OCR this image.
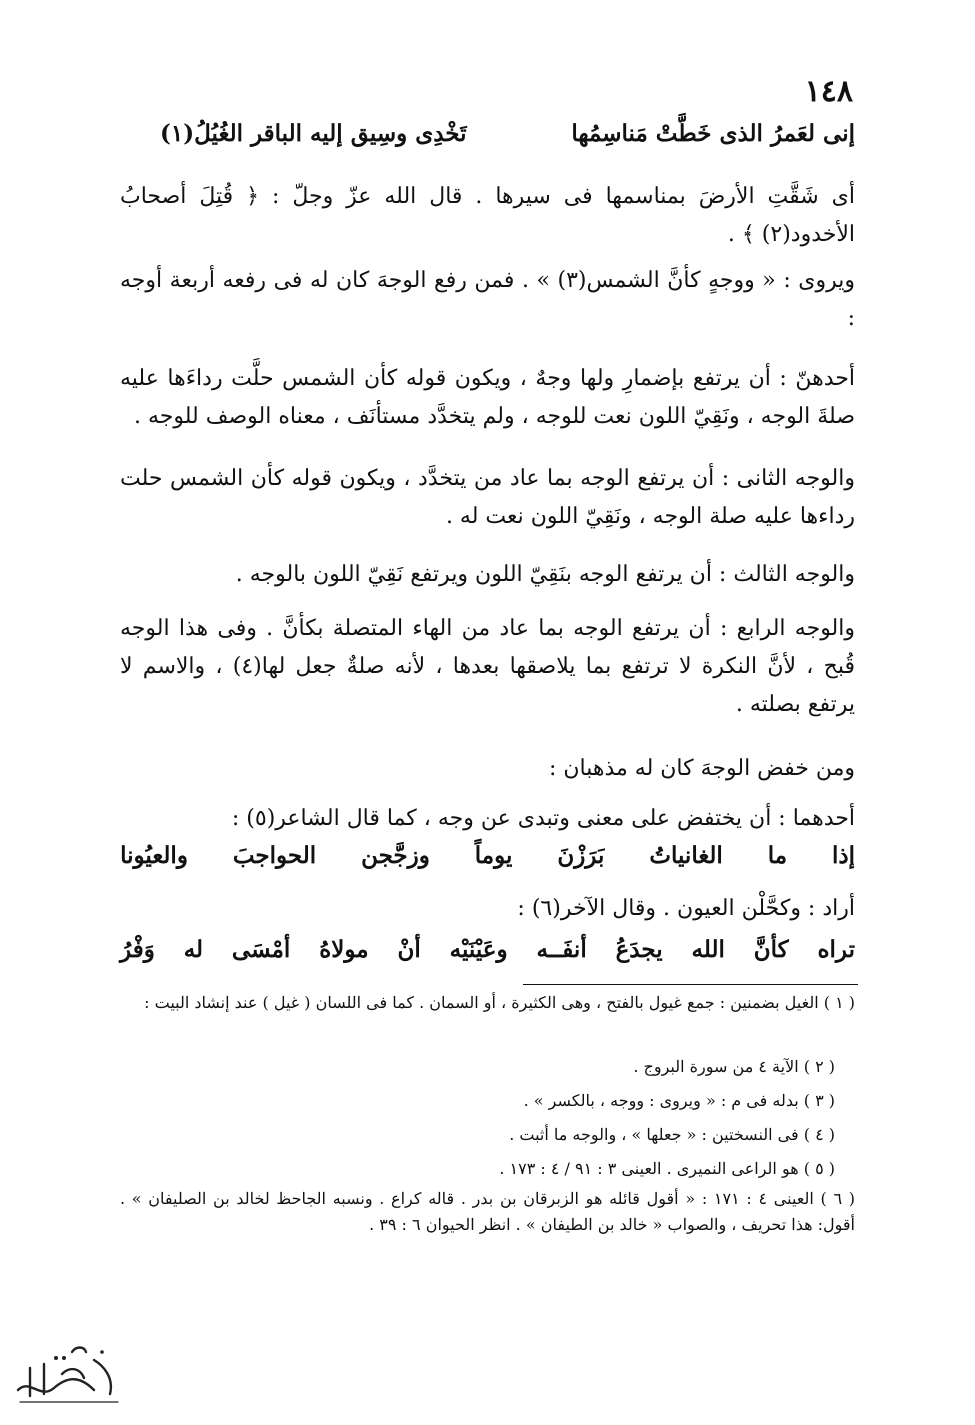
١٤٨
إنى لعَمرُ الذى خَطَّتْ مَناسِمُها
تَخْدِى وسِيق إليه الباقر الغُيُلُ(١)
أى شَقَّتِ الأرضَ بمناسمها فى سيرها . قال الله عزّ وجلّ : ﴿ قُتِلَ أصحابُ الأخدود(٢) ﴾ .
ويروى : « ووجهٍ كأنَّ الشمس(٣) » . فمن رفع الوجهَ كان له فى رفعه أربعة أوجه :
أحدهنّ : أن يرتفع بإضمارِ ولها وجهٌ ، ويكون قوله كأن الشمس حلَّت رداءَها عليه صلةَ الوجه ، ونَقِيّ اللون نعت للوجه ، ولم يتخدَّد مستأنَف ، معناه الوصف للوجه .
والوجه الثانى : أن يرتفع الوجه بما عاد من يتخدَّد ، ويكون قوله كأن الشمس حلت رداءها عليه صلة الوجه ، ونَقِيّ اللون نعت له .
والوجه الثالث : أن يرتفع الوجه بنَقِيّ اللون ويرتفع نَقِيّ اللون بالوجه .
والوجه الرابع : أن يرتفع الوجه بما عاد من الهاء المتصلة بكأنَّ . وفى هذا الوجه قُبح ، لأنَّ النكرة لا ترتفع بما يلاصقها بعدها ، لأنه صلةٌ جعل لها(٤) ، والاسم لا يرتفع بصلته .
ومن خفض الوجهَ كان له مذهبان :
أحدهما : أن يختفض على معنى وتبدى عن وجه ، كما قال الشاعر(٥) :
إذا
ما
الغانياتُ
بَرَزْنَ
يوماً
وزجَّجن
الحواجبَ
والعيُونا
أراد : وكحَّلْن العيون . وقال الآخر(٦) :
تراه
كأنَّ
الله
يجدَعُ
أنفَــه
وعَيْنَيْه
أنْ
مولاهُ
أمْسَى
له
وَفْرُ
( ١ ) الغيل بضمنين : جمع غيول بالفتح ، وهى الكثيرة ، أو السمان . كما فى اللسان ( غيل ) عند إنشاد البيت :
( ٢ ) الآية ٤ من سورة البروج .
( ٣ ) بدله فى م : « ويروى : ووجه ، بالكسر » .
( ٤ ) فى النسختين : « جعلها » ، والوجه ما أثبت .
( ٥ ) هو الراعى النميرى . العينى ٣ : ٩١ / ٤ : ١٧٣ .
( ٦ ) العينى ٤ : ١٧١ : « أقول قائله هو الزبرقان بن بدر . قاله كراع . ونسبه الجاحظ لخالد بن الصليفان » . أقول: هذا تحريف ، والصواب « خالد بن الطيفان » . انظر الحيوان ٦ : ٣٩ .
